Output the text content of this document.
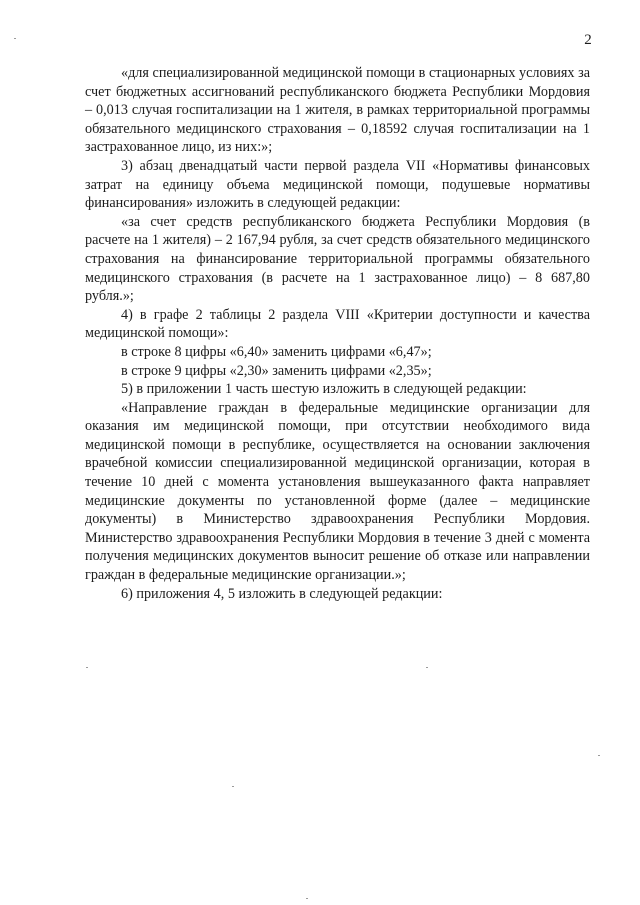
2

«для специализированной медицинской помощи в стационарных условиях за счет бюджетных ассигнований республиканского бюджета Республики Мордовия – 0,013 случая госпитализации на 1 жителя, в рамках территориальной программы обязательного медицинского страхования – 0,18592 случая госпитализации на 1 застрахованное лицо, из них:»;

3) абзац двенадцатый части первой раздела VII «Нормативы финансовых затрат на единицу объема медицинской помощи, подушевые нормативы финансирования» изложить в следующей редакции:

«за счет средств республиканского бюджета Республики Мордовия (в расчете на 1 жителя) – 2 167,94 рубля, за счет средств обязательного медицинского страхования на финансирование территориальной программы обязательного медицинского страхования (в расчете на 1 застрахованное лицо) – 8 687,80 рубля.»;

4) в графе 2 таблицы 2 раздела VIII «Критерии доступности и качества медицинской помощи»:

в строке 8 цифры «6,40» заменить цифрами «6,47»;

в строке 9 цифры «2,30» заменить цифрами «2,35»;

5) в приложении 1 часть шестую изложить в следующей редакции:

«Направление граждан в федеральные медицинские организации для оказания им медицинской помощи, при отсутствии необходимого вида медицинской помощи в республике, осуществляется на основании заключения врачебной комиссии специализированной медицинской организации, которая в течение 10 дней с момента установления вышеуказанного факта направляет медицинские документы по установленной форме (далее – медицинские документы) в Министерство здравоохранения Республики Мордовия. Министерство здравоохранения Республики Мордовия в течение 3 дней с момента получения медицинских документов выносит решение об отказе или направлении граждан в федеральные медицинские организации.»;

6) приложения 4, 5 изложить в следующей редакции:
